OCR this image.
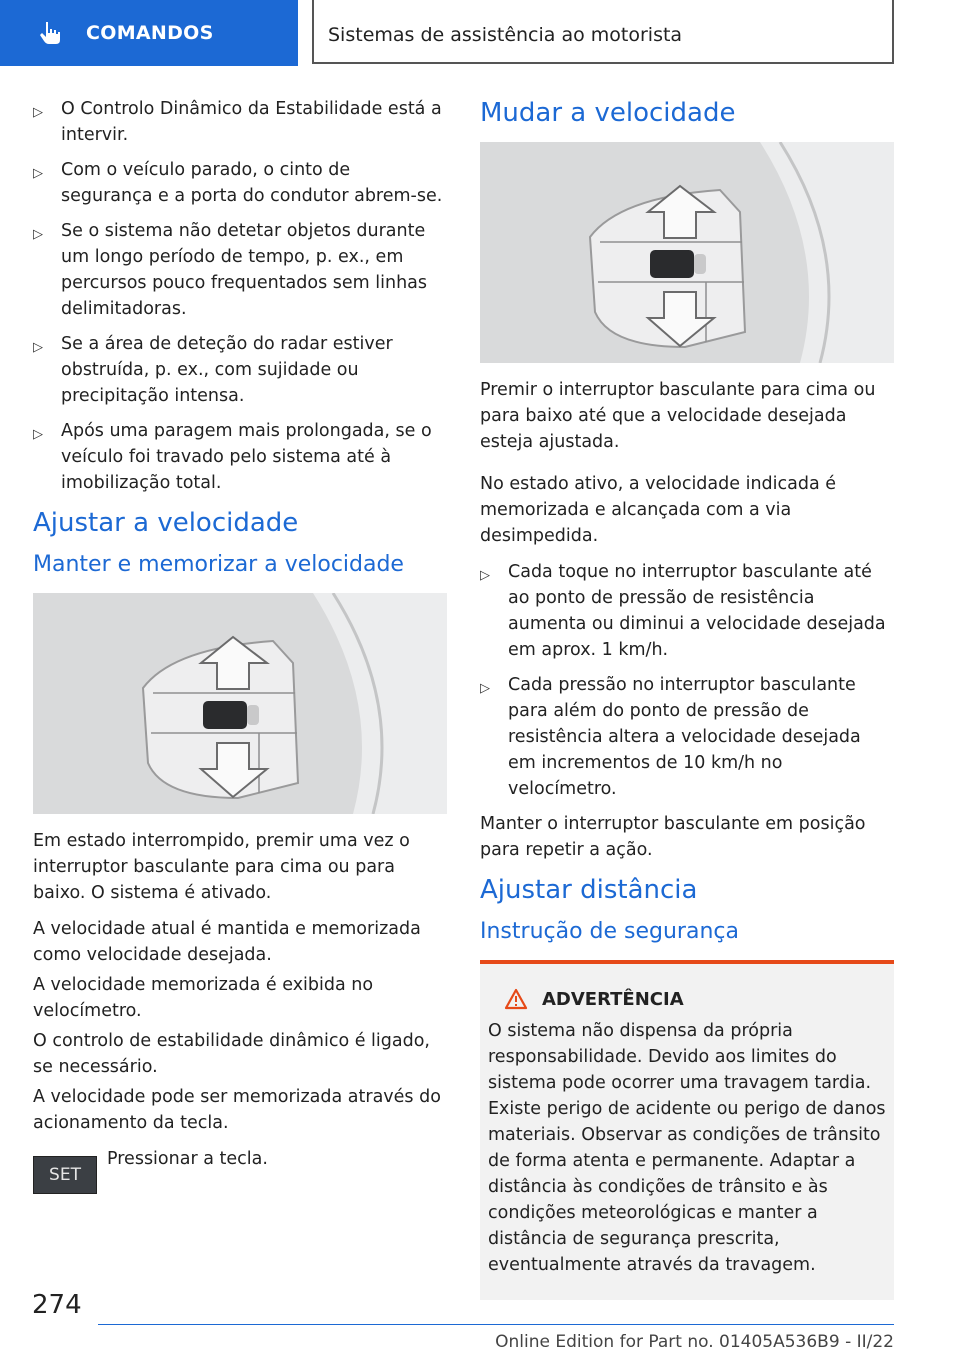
COMANDOS	Sistemas de assistência ao motorista
▷ O Controlo Dinâmico da Estabilidade está a intervir.
▷ Com o veículo parado, o cinto de segurança e a porta do condutor abrem-se.
▷ Se o sistema não detetar objetos durante um longo período de tempo, p. ex., em percursos pouco frequentados sem linhas delimitadoras.
▷ Se a área de deteção do radar estiver obstruída, p. ex., com sujidade ou precipitação intensa.
▷ Após uma paragem mais prolongada, se o veículo foi travado pelo sistema até à imobilização total.
Ajustar a velocidade
Manter e memorizar a velocidade

Em estado interrompido, premir uma vez o interruptor basculante para cima ou para baixo. O sistema é ativado.

A velocidade atual é mantida e memorizada como velocidade desejada.

A velocidade memorizada é exibida no velocímetro.

O controlo de estabilidade dinâmico é ligado, se necessário.

A velocidade pode ser memorizada através do acionamento da tecla.

SET

Pressionar a tecla.

Mudar a velocidade

Premir o interruptor basculante para cima ou para baixo até que a velocidade desejada esteja ajustada.

No estado ativo, a velocidade indicada é memorizada e alcançada com a via desimpedida.

▷ Cada toque no interruptor basculante até ao ponto de pressão de resistência aumenta ou diminui a velocidade desejada em aprox. 1 km/h.
▷ Cada pressão no interruptor basculante para além do ponto de pressão de resistência altera a velocidade desejada em incrementos de 10 km/h no velocímetro.

Manter o interruptor basculante em posição para repetir a ação.

Ajustar distância
Instrução de segurança
ADVERTÊNCIA

O sistema não dispensa da própria responsabilidade. Devido aos limites do sistema pode ocorrer uma travagem tardia. Existe perigo de acidente ou perigo de danos materiais. Observar as condições de trânsito de forma atenta e permanente. Adaptar a distância às condições de trânsito e às condições meteorológicas e manter a distância de segurança prescrita, eventualmente através da travagem.

274
Online Edition for Part no. 01405A536B9 - II/22
